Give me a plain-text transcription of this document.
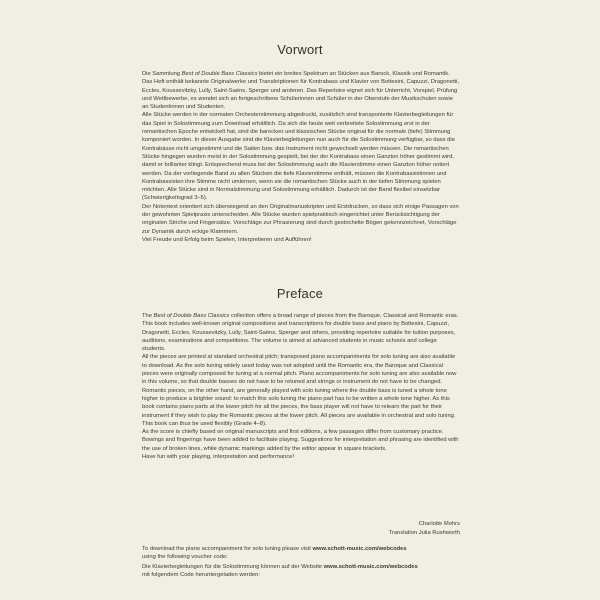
Vorwort

Die Sammlung Best of Double Bass Classics bietet ein breites Spektrum an Stücken aus Barock, Klassik und Romantik. Das Heft enthält bekannte Originalwerke und Transkriptionen für Kontrabass und Klavier von Bottesini, Capuzzi, Dragonetti, Eccles, Koussevitzky, Lully, Saint-Saëns, Sperger und anderen. Das Repertoire eignet sich für Unterricht, Vorspiel, Prüfung und Wettbewerbe, es wendet sich an fortgeschrittene Schülerinnen und Schüler in der Oberstufe der Musikschulen sowie an Studentinnen und Studenten.

Alle Stücke werden in der normalen Orchesterstimmung abgedruckt, zusätzlich sind transponierte Klavierbegleitungen für das Spiel in Solostimmung zum Download erhältlich. Da sich die heute weit verbreitete Solostimmung erst in der romantischen Epoche entwickelt hat, sind die barocken und klassischen Stücke original für die normale (tiefe) Stimmung komponiert worden. In dieser Ausgabe sind die Klavierbegleitungen nun auch für die Solostimmung verfügbar, so dass die Kontrabässe nicht umgestimmt und die Saiten bzw. das Instrument nicht gewechselt werden müssen. Die romantischen Stücke hingegen wurden meist in der Solostimmung gespielt, bei der der Kontrabass einen Ganzton höher gestimmt wird, damit er brillanter klingt. Entsprechend muss bei der Solostimmung auch die Klavierstimme einen Ganzton höher notiert werden. Da der vorliegende Band zu allen Stücken die tiefe Klavierstimme enthält, müssen die Kontrabassistinnen und Kontrabassisten ihre Stimme nicht umlernen, wenn sie die romantischen Stücke auch in der tiefen Stimmung spielen möchten. Alle Stücke sind in Normalstimmung und Solostimmung erhältlich. Dadurch ist der Band flexibel einsetzbar (Schwierigkeitsgrad 3–5).

Der Notentext orientiert sich überwiegend an den Originalmanuskripten und Erstdrucken, so dass sich einige Passagen von der gewohnten Spielpraxis unterscheiden. Alle Stücke wurden spielpraktisch eingerichtet unter Berücksichtigung der originalen Striche und Fingersätze. Vorschläge zur Phrasierung sind durch gestrichelte Bögen gekennzeichnet, Vorschläge zur Dynamik durch eckige Klammern.

Viel Freude und Erfolg beim Spielen, Interpretieren und Aufführen!

Preface

The Best of Double Bass Classics collection offers a broad range of pieces from the Baroque, Classical and Romantic eras. This book includes well-known original compositions and transcriptions for double bass and piano by Bottesini, Capuzzi, Dragonetti, Eccles, Koussevitzky, Lully, Saint-Saëns, Sperger and others, providing repertoire suitable for tuition purposes, auditions, examinations and competitions. The volume is aimed at advanced students in music schools and college students.

All the pieces are printed at standard orchestral pitch; transposed piano accompaniments for solo tuning are also available to download. As the solo tuning widely used today was not adopted until the Romantic era, the Baroque and Classical pieces were originally composed for tuning at a normal pitch. Piano accompaniments for solo tuning are also available now in this volume, so that double basses do not have to be retuned and strings or instrument do not have to be changed. Romantic pieces, on the other hand, are generally played with solo tuning where the double bass is tuned a whole tone higher to produce a brighter sound: to match this solo tuning the piano part has to be written a whole tone higher. As this book contains piano parts at the lower pitch for all the pieces, the bass player will not have to relearn the part for their instrument if they wish to play the Romantic pieces at the lower pitch. All pieces are available in orchestral and solo tuning. This book can thus be used flexibly (Grade 4–8).

As the score is chiefly based on original manuscripts and first editions, a few passages differ from customary practice. Bowings and fingerings have been added to facilitate playing. Suggestions for interpretation and phrasing are identified with the use of broken lines, while dynamic markings added by the editor appear in square brackets.

Have fun with your playing, interpretation and performance!

Charlotte Mohrs
Translation Julia Rushworth
To download the piano accompaniment for solo tuning please visit www.schott-music.com/webcodes
using the following voucher code:
Die Klavierbegleitungen für die Solostimmung können auf der Website www.schott-music.com/webcodes
mit folgendem Code heruntergeladen werden:
